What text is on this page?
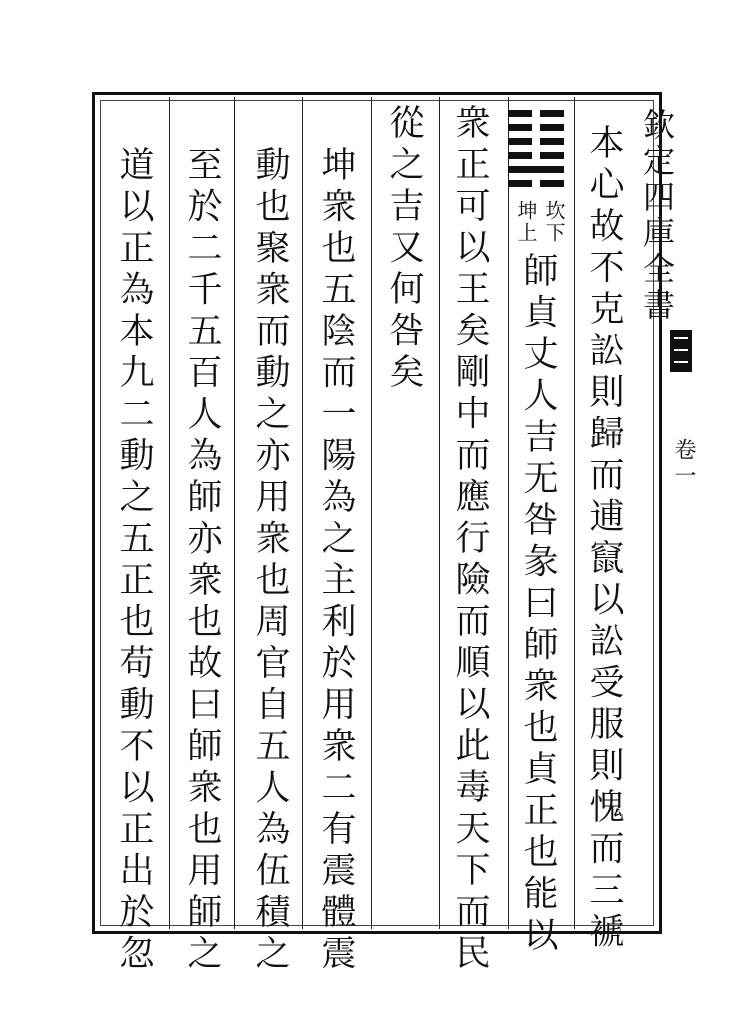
欽定四庫全書
卷一
本心故不克訟則歸而逋竄以訟受服則愧而三褫
坎下
坤上
師貞丈人吉无咎彖曰師衆也貞正也能以
衆正可以王矣剛中而應行險而順以此毒天下而民
從之吉又何咎矣
坤衆也五陰而一陽為之主利於用衆二有震體震
動也聚衆而動之亦用衆也周官自五人為伍積之
至於二千五百人為師亦衆也故曰師衆也用師之
道以正為本九二動之五正也苟動不以正出於忽
